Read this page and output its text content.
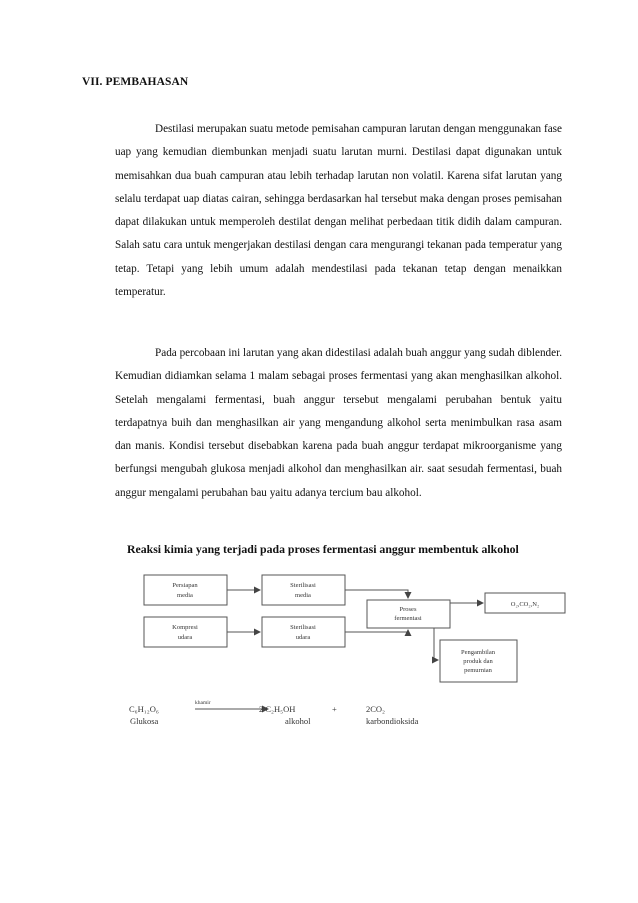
VII. PEMBAHASAN
Destilasi merupakan suatu metode pemisahan campuran larutan dengan menggunakan fase uap yang kemudian diembunkan menjadi suatu larutan murni. Destilasi dapat digunakan untuk memisahkan dua buah campuran atau lebih terhadap larutan non volatil. Karena sifat larutan yang selalu terdapat uap diatas cairan, sehingga berdasarkan hal tersebut maka dengan proses pemisahan dapat dilakukan untuk memperoleh destilat dengan melihat perbedaan titik didih dalam campuran. Salah satu cara untuk mengerjakan destilasi dengan cara mengurangi tekanan pada temperatur yang tetap. Tetapi yang lebih umum adalah mendestilasi pada tekanan tetap dengan menaikkan temperatur.
Pada percobaan ini larutan yang akan didestilasi adalah buah anggur yang sudah diblender. Kemudian didiamkan selama 1 malam sebagai proses fermentasi yang akan menghasilkan alkohol. Setelah mengalami fermentasi, buah anggur tersebut mengalami perubahan bentuk yaitu terdapatnya buih dan menghasilkan air yang mengandung alkohol serta menimbulkan rasa asam dan manis. Kondisi tersebut disebabkan karena pada buah anggur terdapat mikroorganisme yang berfungsi mengubah glukosa menjadi alkohol dan menghasilkan air. saat sesudah fermentasi, buah anggur mengalami perubahan bau yaitu adanya tercium bau alkohol.
Reaksi kimia yang terjadi pada proses fermentasi anggur membentuk alkohol
Persiapan
media
Sterilisasi
media
Proses
fermentasi
O₂,CO₂,N₂
Kompresi
udara
Sterilisasi
udara
Pengambilan
produk dan
pemurnian
C₆H₁₂O₆
khamir
2 C₂H₅OH	+	2CO₂
Glukosa	alkohol	karbondioksida
